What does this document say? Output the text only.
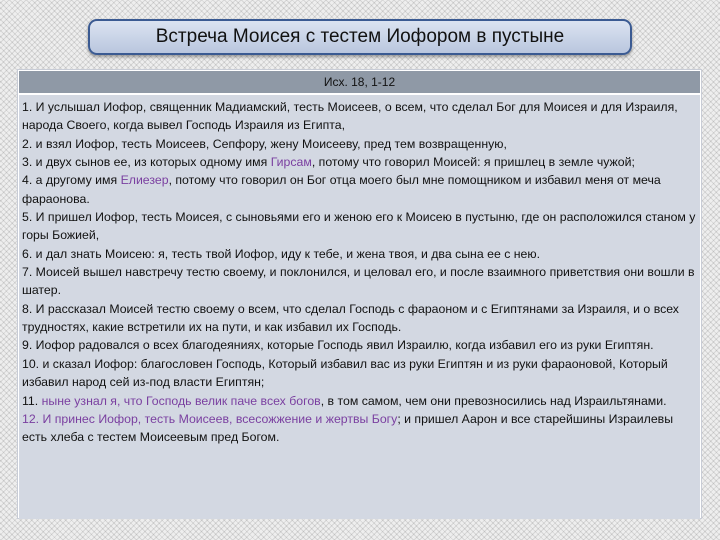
Встреча Моисея с тестем Иофором в пустыне
Исх. 18, 1-12

1. И услышал Иофор, священник Мадиамский, тесть Моисеев, о всем, что сделал Бог для Моисея и для Израиля, народа Своего, когда вывел Господь Израиля из Египта,

2. и взял Иофор, тесть Моисеев, Сепфору, жену Моисееву, пред тем возвращенную,

3. и двух сынов ее, из которых одному имя Гирсам, потому что говорил Моисей: я пришлец в земле чужой;

4. а другому имя Елиезер, потому что говорил он Бог отца моего был мне помощником и избавил меня от меча фараонова.

5. И пришел Иофор, тесть Моисея, с сыновьями его и женою его к Моисею в пустыню, где он расположился станом у горы Божией,

6. и дал знать Моисею: я, тесть твой Иофор, иду к тебе, и жена твоя, и два сына ее с нею.

7. Моисей вышел навстречу тестю своему, и поклонился, и целовал его, и после взаимного приветствия они вошли в шатер.

8. И рассказал Моисей тестю своему о всем, что сделал Господь с фараоном и с Египтянами за Израиля, и о всех трудностях, какие встретили их на пути, и как избавил их Господь.

9. Иофор радовался о всех благодеяниях, которые Господь явил Израилю, когда избавил его из руки Египтян.

10. и сказал Иофор: благословен Господь, Который избавил вас из руки Египтян и из руки фараоновой, Который избавил народ сей из-под власти Египтян;

11. ныне узнал я, что Господь велик паче всех богов, в том самом, чем они превозносились над Израильтянами.

12. И принес Иофор, тесть Моисеев, всесожжение и жертвы Богу; и пришел Аарон и все старейшины Израилевы есть хлеба с тестем Моисеевым пред Богом.
